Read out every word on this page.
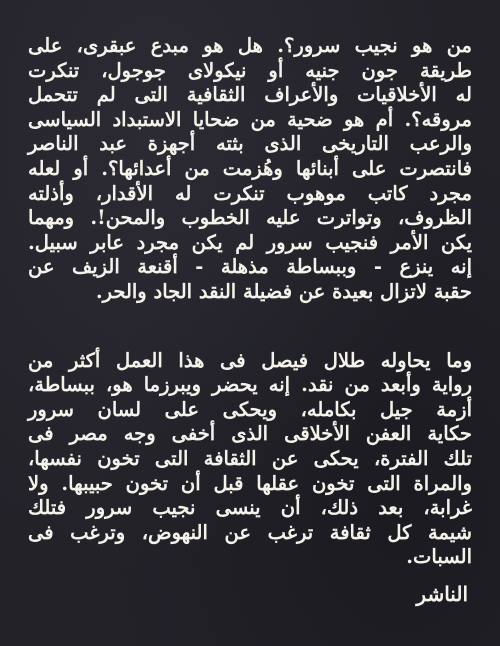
من هو نجيب سرور؟. هل هو مبدع عبقرى، على
طريقة جون جنيه أو نيكولاى جوجول، تنكرت
له الأخلاقيات والأعراف الثقافية التى لم تتحمل
مروقه؟. أم هو ضحية من ضحايا الاستبداد السياسى
والرعب التاريخى الذى بثته أجهزة عبد الناصر
فانتصرت على أبنائها وهُزمت من أعدائها؟. أو لعله
مجرد كاتب موهوب تنكرت له الأقدار، وأذلته
الظروف، وتواترت عليه الخطوب والمحن!. ومهما
يكن الأمر فنجيب سرور لم يكن مجرد عابر سبيل.
إنه ينزع - وببساطة مذهلة - أقنعة الزيف عن
حقبة لاتزال بعيدة عن فضيلة النقد الجاد والحر.
وما يحاوله طلال فيصل فى هذا العمل أكثر من
رواية وأبعد من نقد. إنه يحضر ويبرزما هو، ببساطة،
أزمة جيل بكامله، ويحكى على لسان سرور
حكاية العفن الأخلاقى الذى أخفى وجه مصر فى
تلك الفترة، يحكى عن الثقافة التى تخون نفسها،
والمراة التى تخون عقلها قبل أن تخون حبيبها. ولا
غرابة، بعد ذلك، أن ينسى نجيب سرور فتلك
شيمة كل ثقافة ترغب عن النهوض، وترغب فى
السبات.
الناشر
